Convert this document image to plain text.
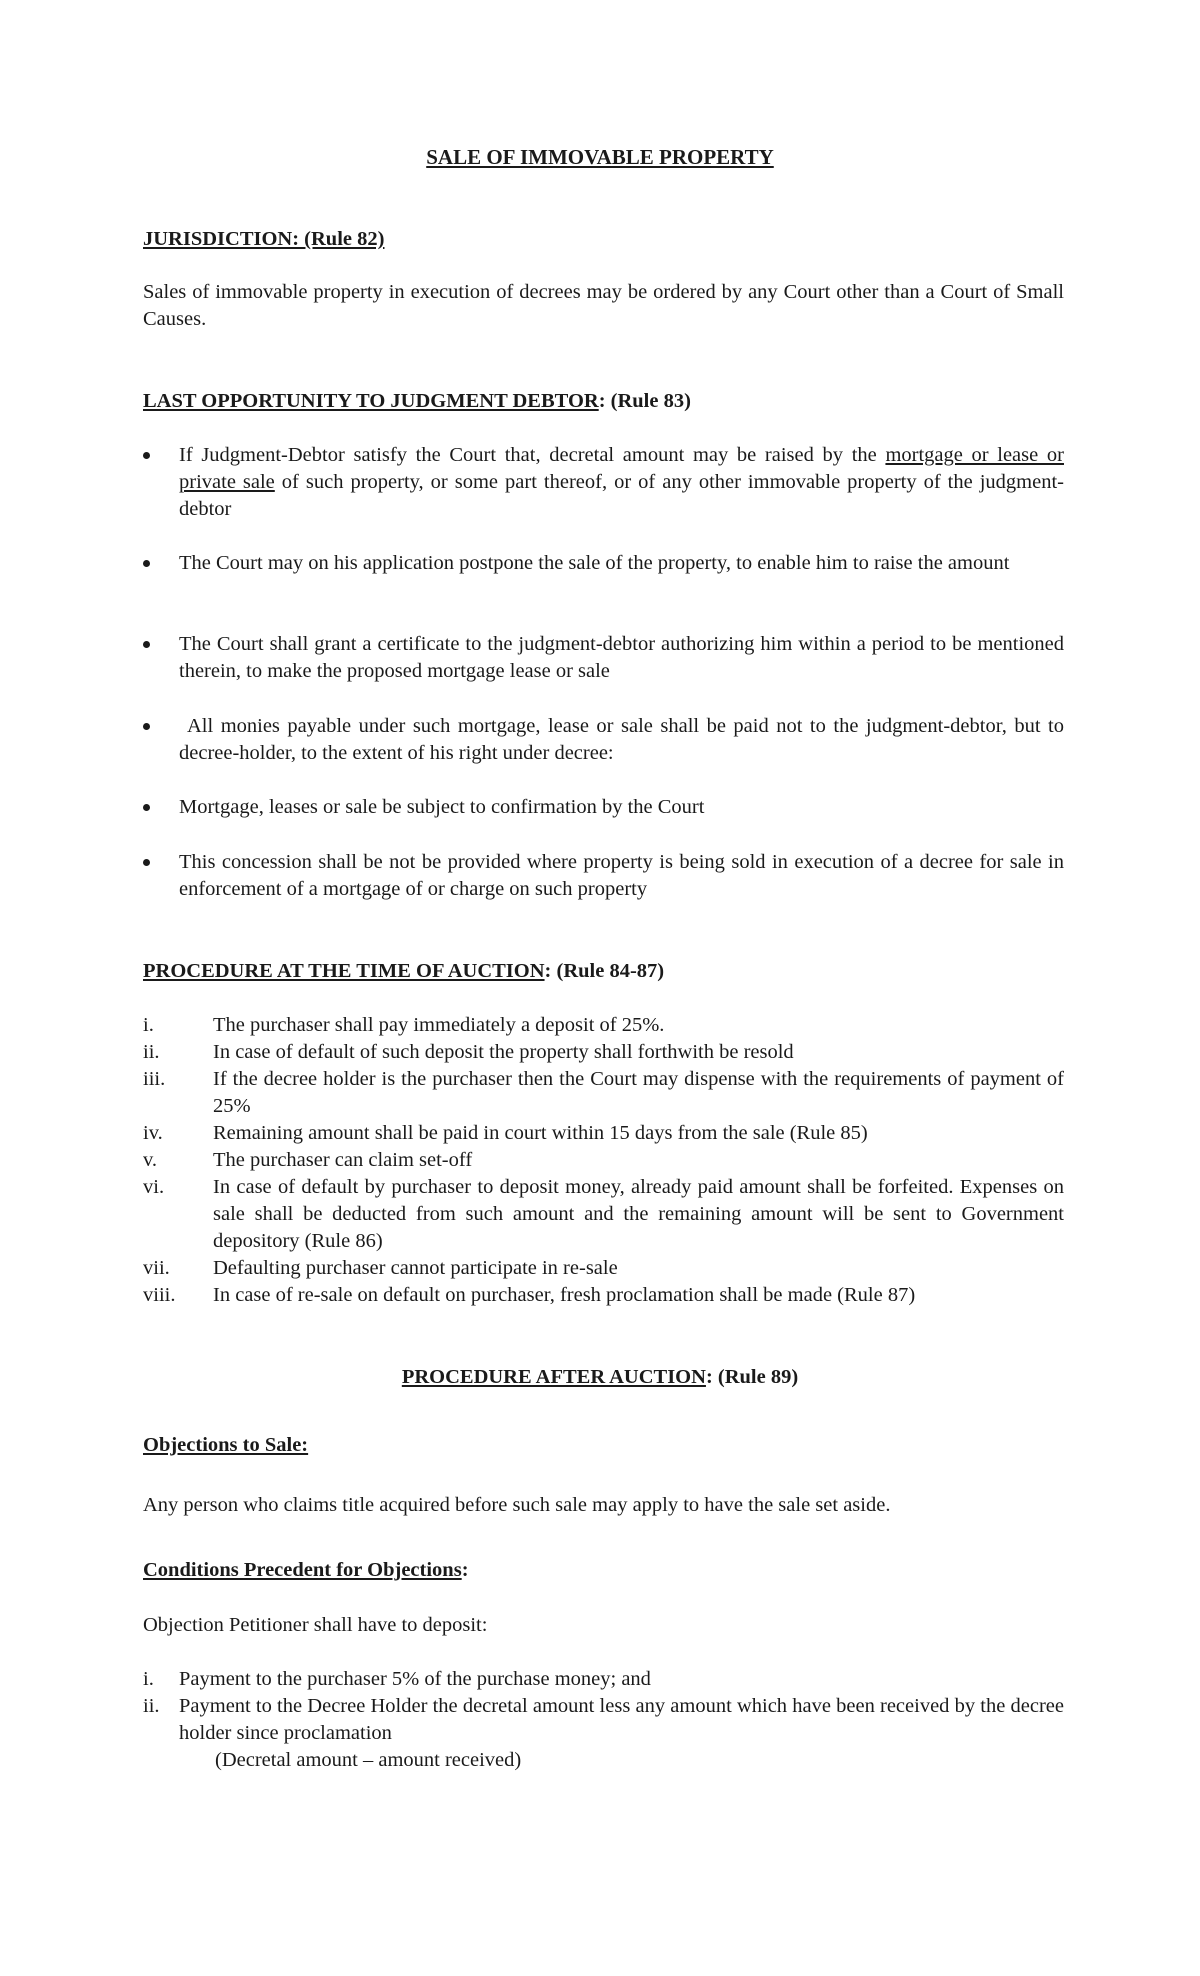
SALE OF IMMOVABLE PROPERTY
JURISDICTION: (Rule 82)
Sales of immovable property in execution of decrees may be ordered by any Court other than a Court of Small Causes.
LAST OPPORTUNITY TO JUDGMENT DEBTOR: (Rule 83)
If Judgment-Debtor satisfy the Court that, decretal amount may be raised by the mortgage or lease or private sale of such property, or some part thereof, or of any other immovable property of the judgment-debtor
The Court may on his application postpone the sale of the property, to enable him to raise the amount
The Court shall grant a certificate to the judgment-debtor authorizing him within a period to be mentioned therein, to make the proposed mortgage lease or sale
All monies payable under such mortgage, lease or sale shall be paid not to the judgment-debtor, but to decree-holder, to the extent of his right under decree:
Mortgage, leases or sale be subject to confirmation by the Court
This concession shall be not be provided where property is being sold in execution of a decree for sale in enforcement of a mortgage of or charge on such property
PROCEDURE AT THE TIME OF AUCTION: (Rule 84-87)
i.	The purchaser shall pay immediately a deposit of 25%.
ii.	In case of default of such deposit the property shall forthwith be resold
iii. If the decree holder is the purchaser then the Court may dispense with the requirements of payment of 25%
iv. Remaining amount shall be paid in court within 15 days from the sale (Rule 85)
v.	The purchaser can claim set-off
vi. In case of default by purchaser to deposit money, already paid amount shall be forfeited. Expenses on sale shall be deducted from such amount and the remaining amount will be sent to Government depository (Rule 86)
vii. Defaulting purchaser cannot participate in re-sale
viii. In case of re-sale on default on purchaser, fresh proclamation shall be made (Rule 87)
PROCEDURE AFTER AUCTION: (Rule 89)
Objections to Sale:
Any person who claims title acquired before such sale may apply to have the sale set aside.
Conditions Precedent for Objections:
Objection Petitioner shall have to deposit:
i. Payment to the purchaser 5% of the purchase money; and
ii. Payment to the Decree Holder the decretal amount less any amount which have been received by the decree holder since proclamation
(Decretal amount – amount received)
